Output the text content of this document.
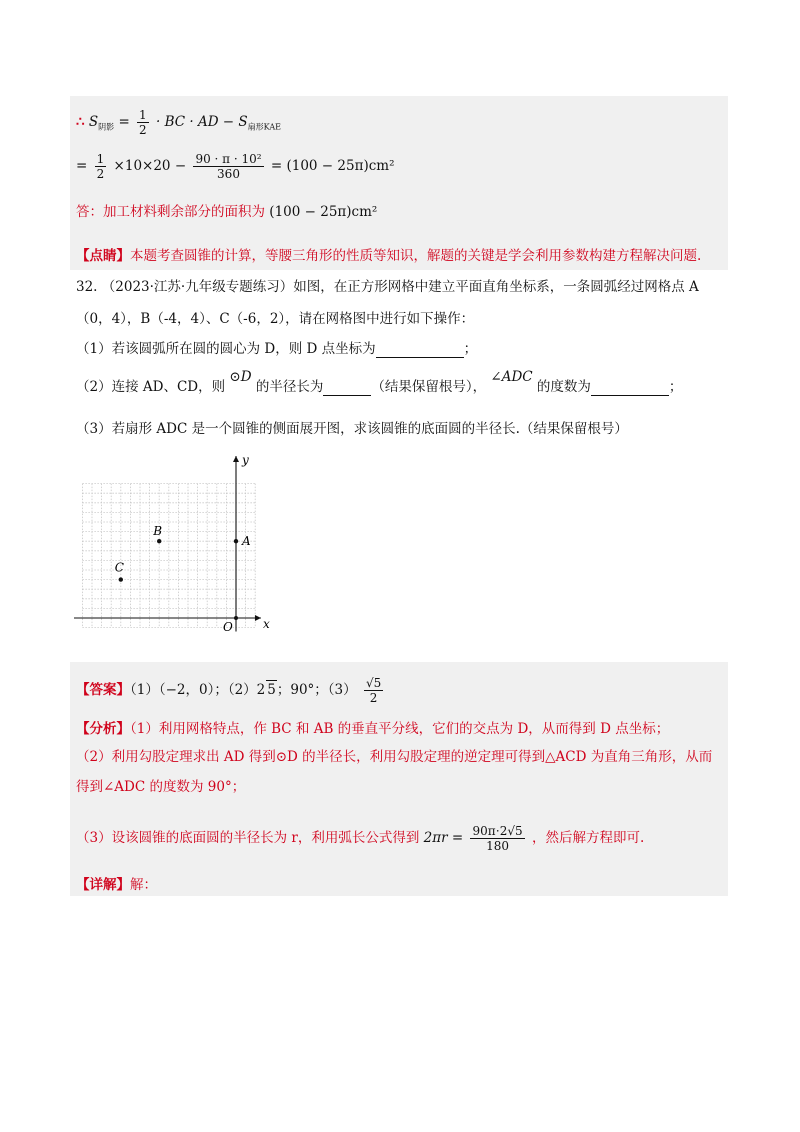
∴ $S_{阴影} = \frac{1}{2}$ · BC · AD − $S_{扇形KAE}$
= $\frac{1}{2} \times 10\times 20 - \frac{\text{90 · π · 10²}}{360} = (100 - 25\pi)cm^2$
答：加工材料剩余部分的面积为 (100 − 25π)cm²
【点睛】本题考查圆锥的计算，等腰三角形的性质等知识，解题的关键是学会利用参数构建方程解决问题.
32. （2023·江苏·九年级专题练习）如图，在正方形网格中建立平面直角坐标系，一条圆弧经过网格点 A
（0，4），B（-4，4）、C（-6，2），请在网格图中进行如下操作：
（1）若该圆弧所在圆的圆心为 D，则 D 点坐标为	；
（2）连接 AD、CD，则 ⊙D 的半径长为	（结果保留根号）， ∠ADC 的度数为	；
（3）若扇形 ADC 是一个圆锥的侧面展开图，求该圆锥的底面圆的半径长.（结果保留根号）
x
y
O
A
B
C
【答案】（1）（−2，0）；（2）2 5；90°；$(3) \frac{√5}{2}$
【分析】（1）利用网格特点，作 BC 和 AB 的垂直平分线，它们的交点为 D，从而得到 D 点坐标；
（2）利用勾股定理求出 AD 得到⊙D 的半径长，利用勾股定理的逆定理可得到△ACD 为直角三角形，从而
得到∠ADC 的度数为 90°；
（3）设该圆锥的底面圆的半径长为 r，利用弧长公式得到 $2\pi r = \frac{90\pi\cdot 2√5}{180}$ ，然后解方程即可.
【详解】解：
